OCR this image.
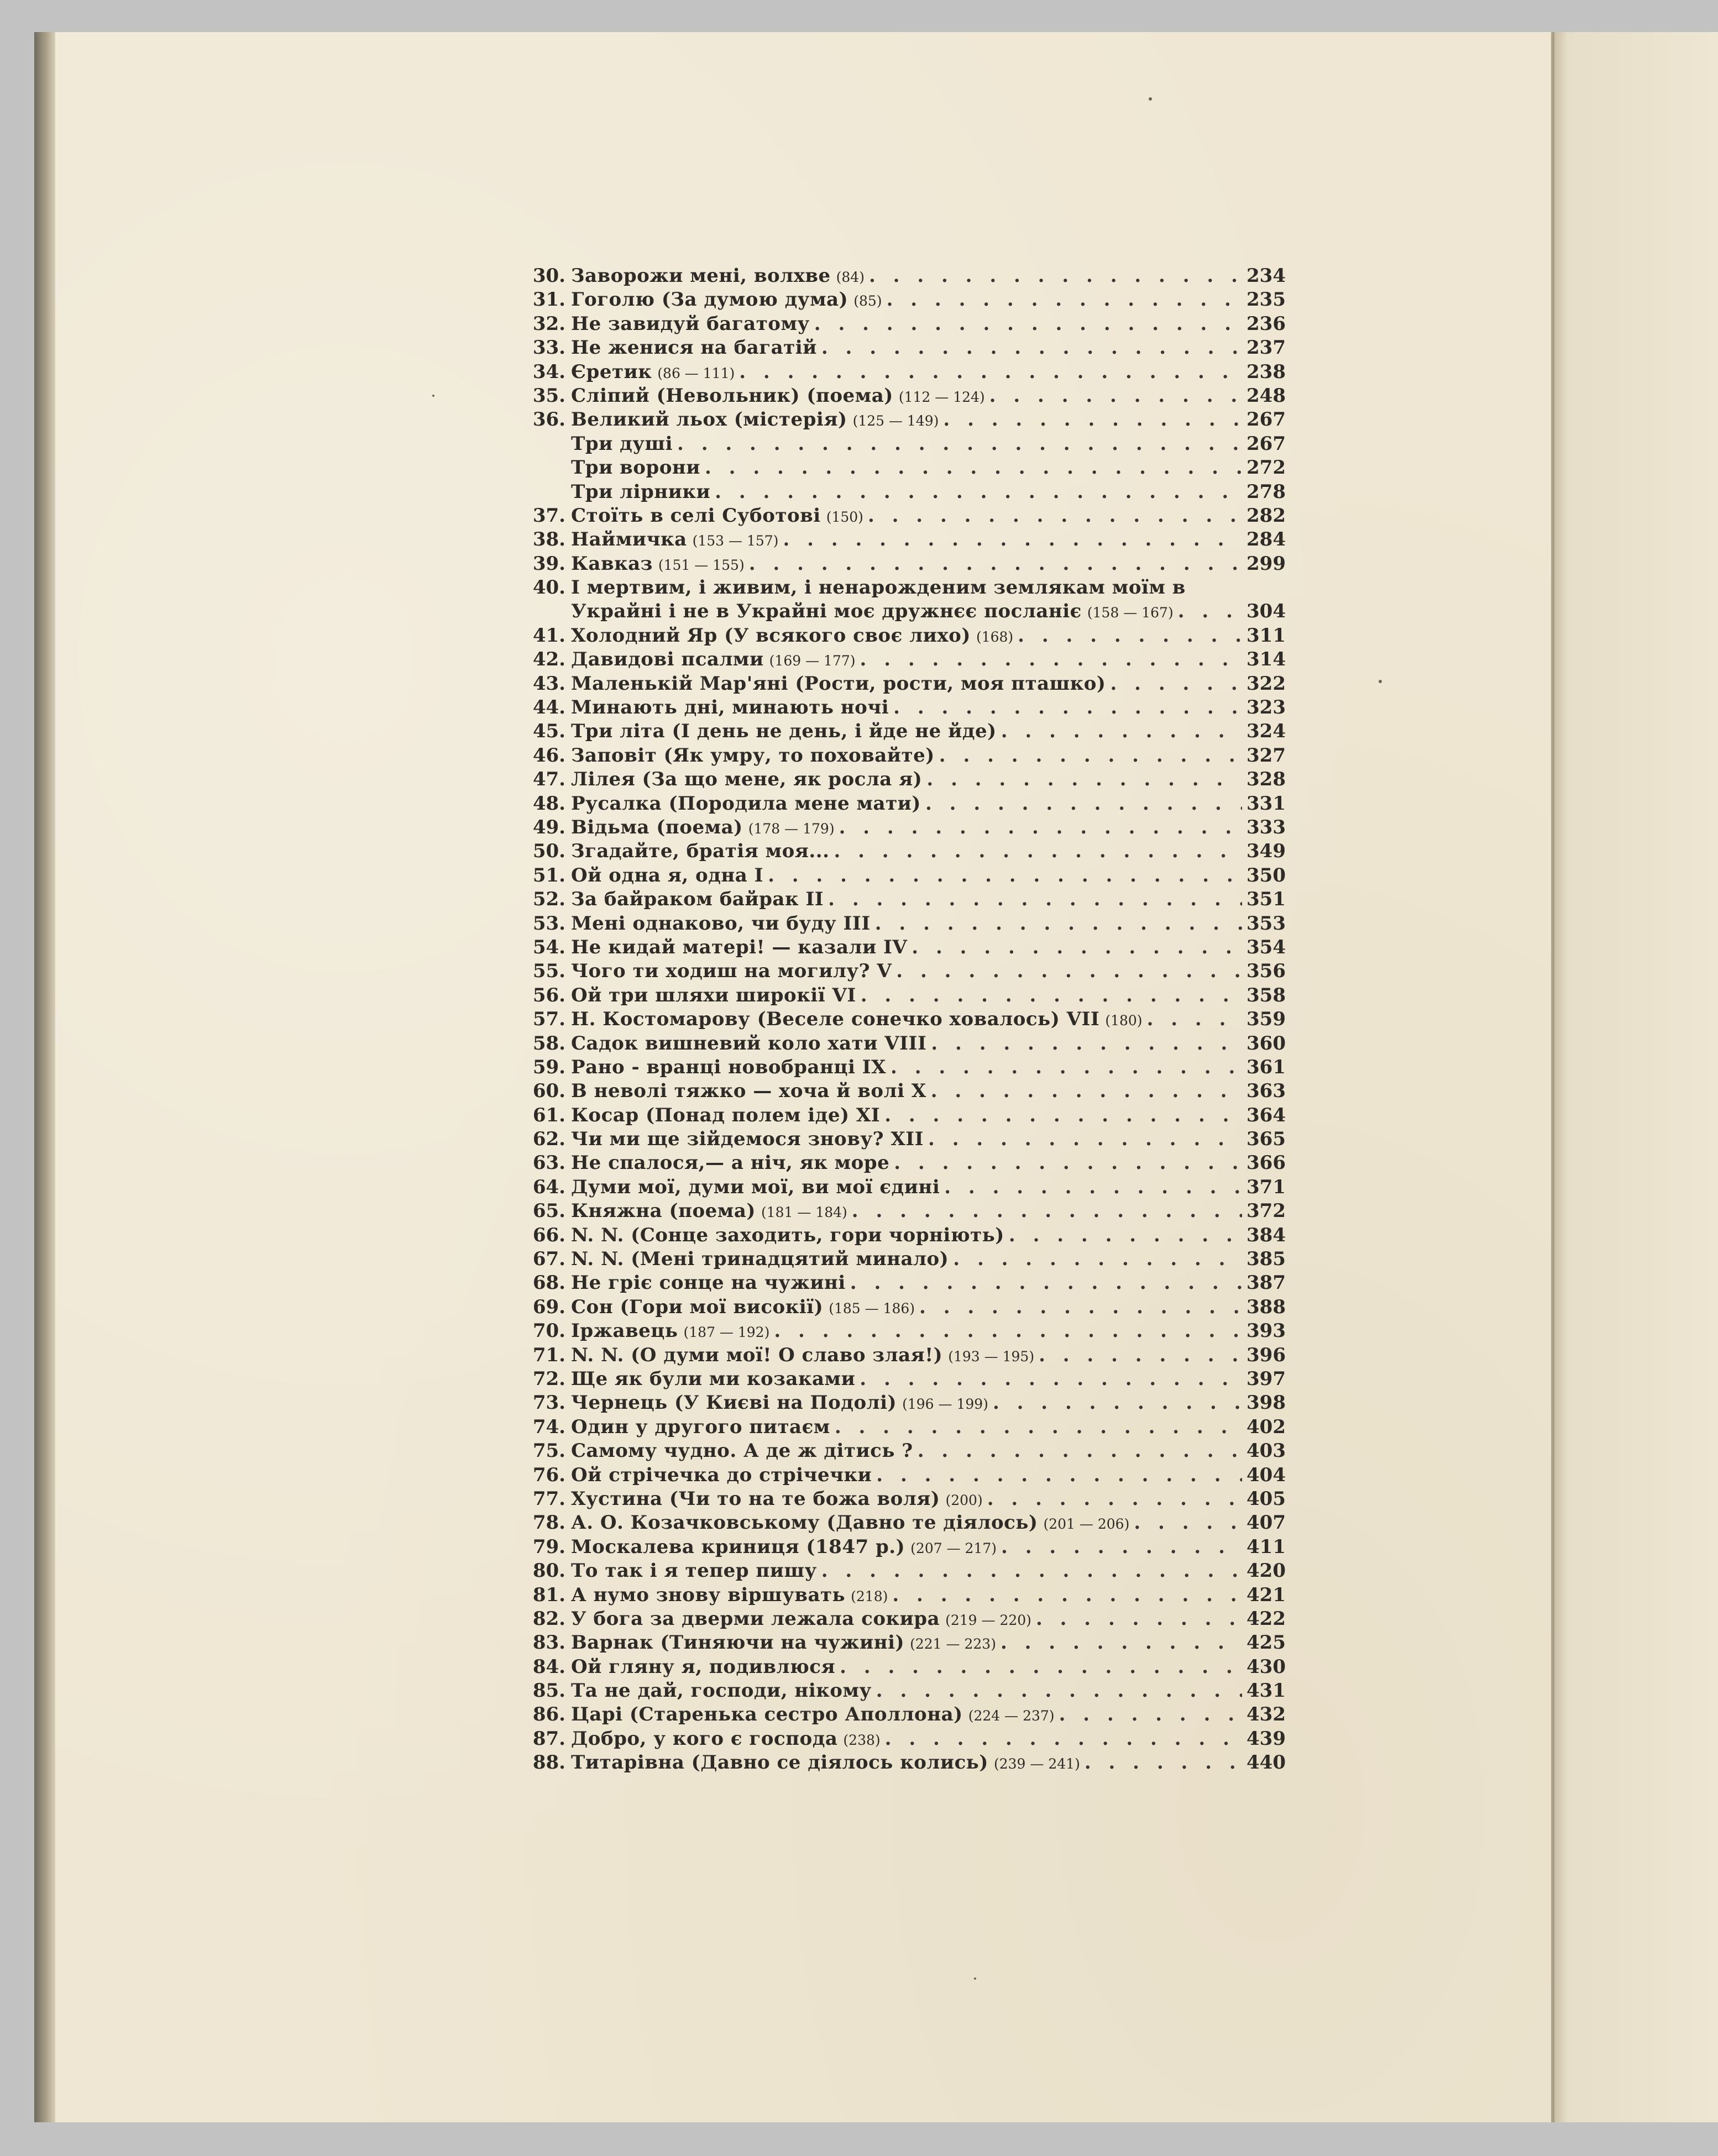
30. Заворожи мені, волхве (84) . . .	234
31. Гоголю (За думою дума) (85) . . .	235
32. Не завидуй багатому . . .	236
33. Не женися на багатій . . .	237
34. Єретик (86 — 111) . . .	238
35. Сліпий (Невольник) (поема) (112 — 124) . . .	248
36. Великий льох (містерія) (125 — 149) . . .	267
Три душі . . .	267
Три ворони . . .	272
Три лірники . . .	278
37. Стоїть в селі Суботові (150) . . .	282
38. Наймичка (153 — 157) . . .	284
39. Кавказ (151 — 155) . . .	299
40. І мертвим, і живим, і ненарожденим землякам моїм в
Украйні і не в Украйні моє дружнєє посланіє (158 — 167) . . .	304
41. Холодний Яр (У всякого своє лихо) (168) . . .	311
42. Давидові псалми (169 — 177) . . .	314
43. Маленькій Мар'яні (Рости, рости, моя пташко) . . .	322
44. Минають дні, минають ночі . . .	323
45. Три літа (І день не день, і йде не йде) . . .	324
46. Заповіт (Як умру, то поховайте) . . .	327
47. Лілея (За що мене, як росла я) . . .	328
48. Русалка (Породила мене мати) . . .	331
49. Відьма (поема) (178 — 179) . . .	333
50. Згадайте, братія моя... . . .	349
51. Ой одна я, одна I . . .	350
52. За байраком байрак II . . .	351
53. Мені однаково, чи буду III . . .	353
54. Не кидай матері! — казали IV . . .	354
55. Чого ти ходиш на могилу? V . . .	356
56. Ой три шляхи широкії VI . . .	358
57. Н. Костомарову (Веселе сонечко ховалось) VII (180) . . .	359
58. Садок вишневий коло хати VIII . . .	360
59. Рано - вранці новобранці IX . . .	361
60. В неволі тяжко — хоча й волі X . . .	363
61. Косар (Понад полем іде) XI . . .	364
62. Чи ми ще зійдемося знову? XII . . .	365
63. Не спалося,— а ніч, як море . . .	366
64. Думи мої, думи мої, ви мої єдині . . .	371
65. Княжна (поема) (181 — 184) . . .	372
66. N. N. (Сонце заходить, гори чорніють) . . .	384
67. N. N. (Мені тринадцятий минало) . . .	385
68. Не гріє сонце на чужині . . .	387
69. Сон (Гори мої високії) (185 — 186) . . .	388
70. Іржавець (187 — 192) . . .	393
71. N. N. (О думи мої! О славо злая!) (193 — 195) . . .	396
72. Ще як були ми козаками . . .	397
73. Чернець (У Києві на Подолі) (196 — 199) . . .	398
74. Один у другого питаєм . . .	402
75. Самому чудно. А де ж дітись ? . . .	403
76. Ой стрічечка до стрічечки . . .	404
77. Хустина (Чи то на те божа воля) (200) . . .	405
78. А. О. Козачковському (Давно те діялось) (201 — 206) . . .	407
79. Москалева криниця (1847 р.) (207 — 217) . . .	411
80. То так і я тепер пишу . . .	420
81. А нумо знову віршувать (218) . . .	421
82. У бога за дверми лежала сокира (219 — 220) . . .	422
83. Варнак (Тиняючи на чужині) (221 — 223) . . .	425
84. Ой гляну я, подивлюся . . .	430
85. Та не дай, господи, нікому . . .	431
86. Царі (Старенька сестро Аполлона) (224 — 237) . . .	432
87. Добро, у кого є господа (238) . . .	439
88. Титарівна (Давно се діялось колись) (239 — 241) . . .	440
